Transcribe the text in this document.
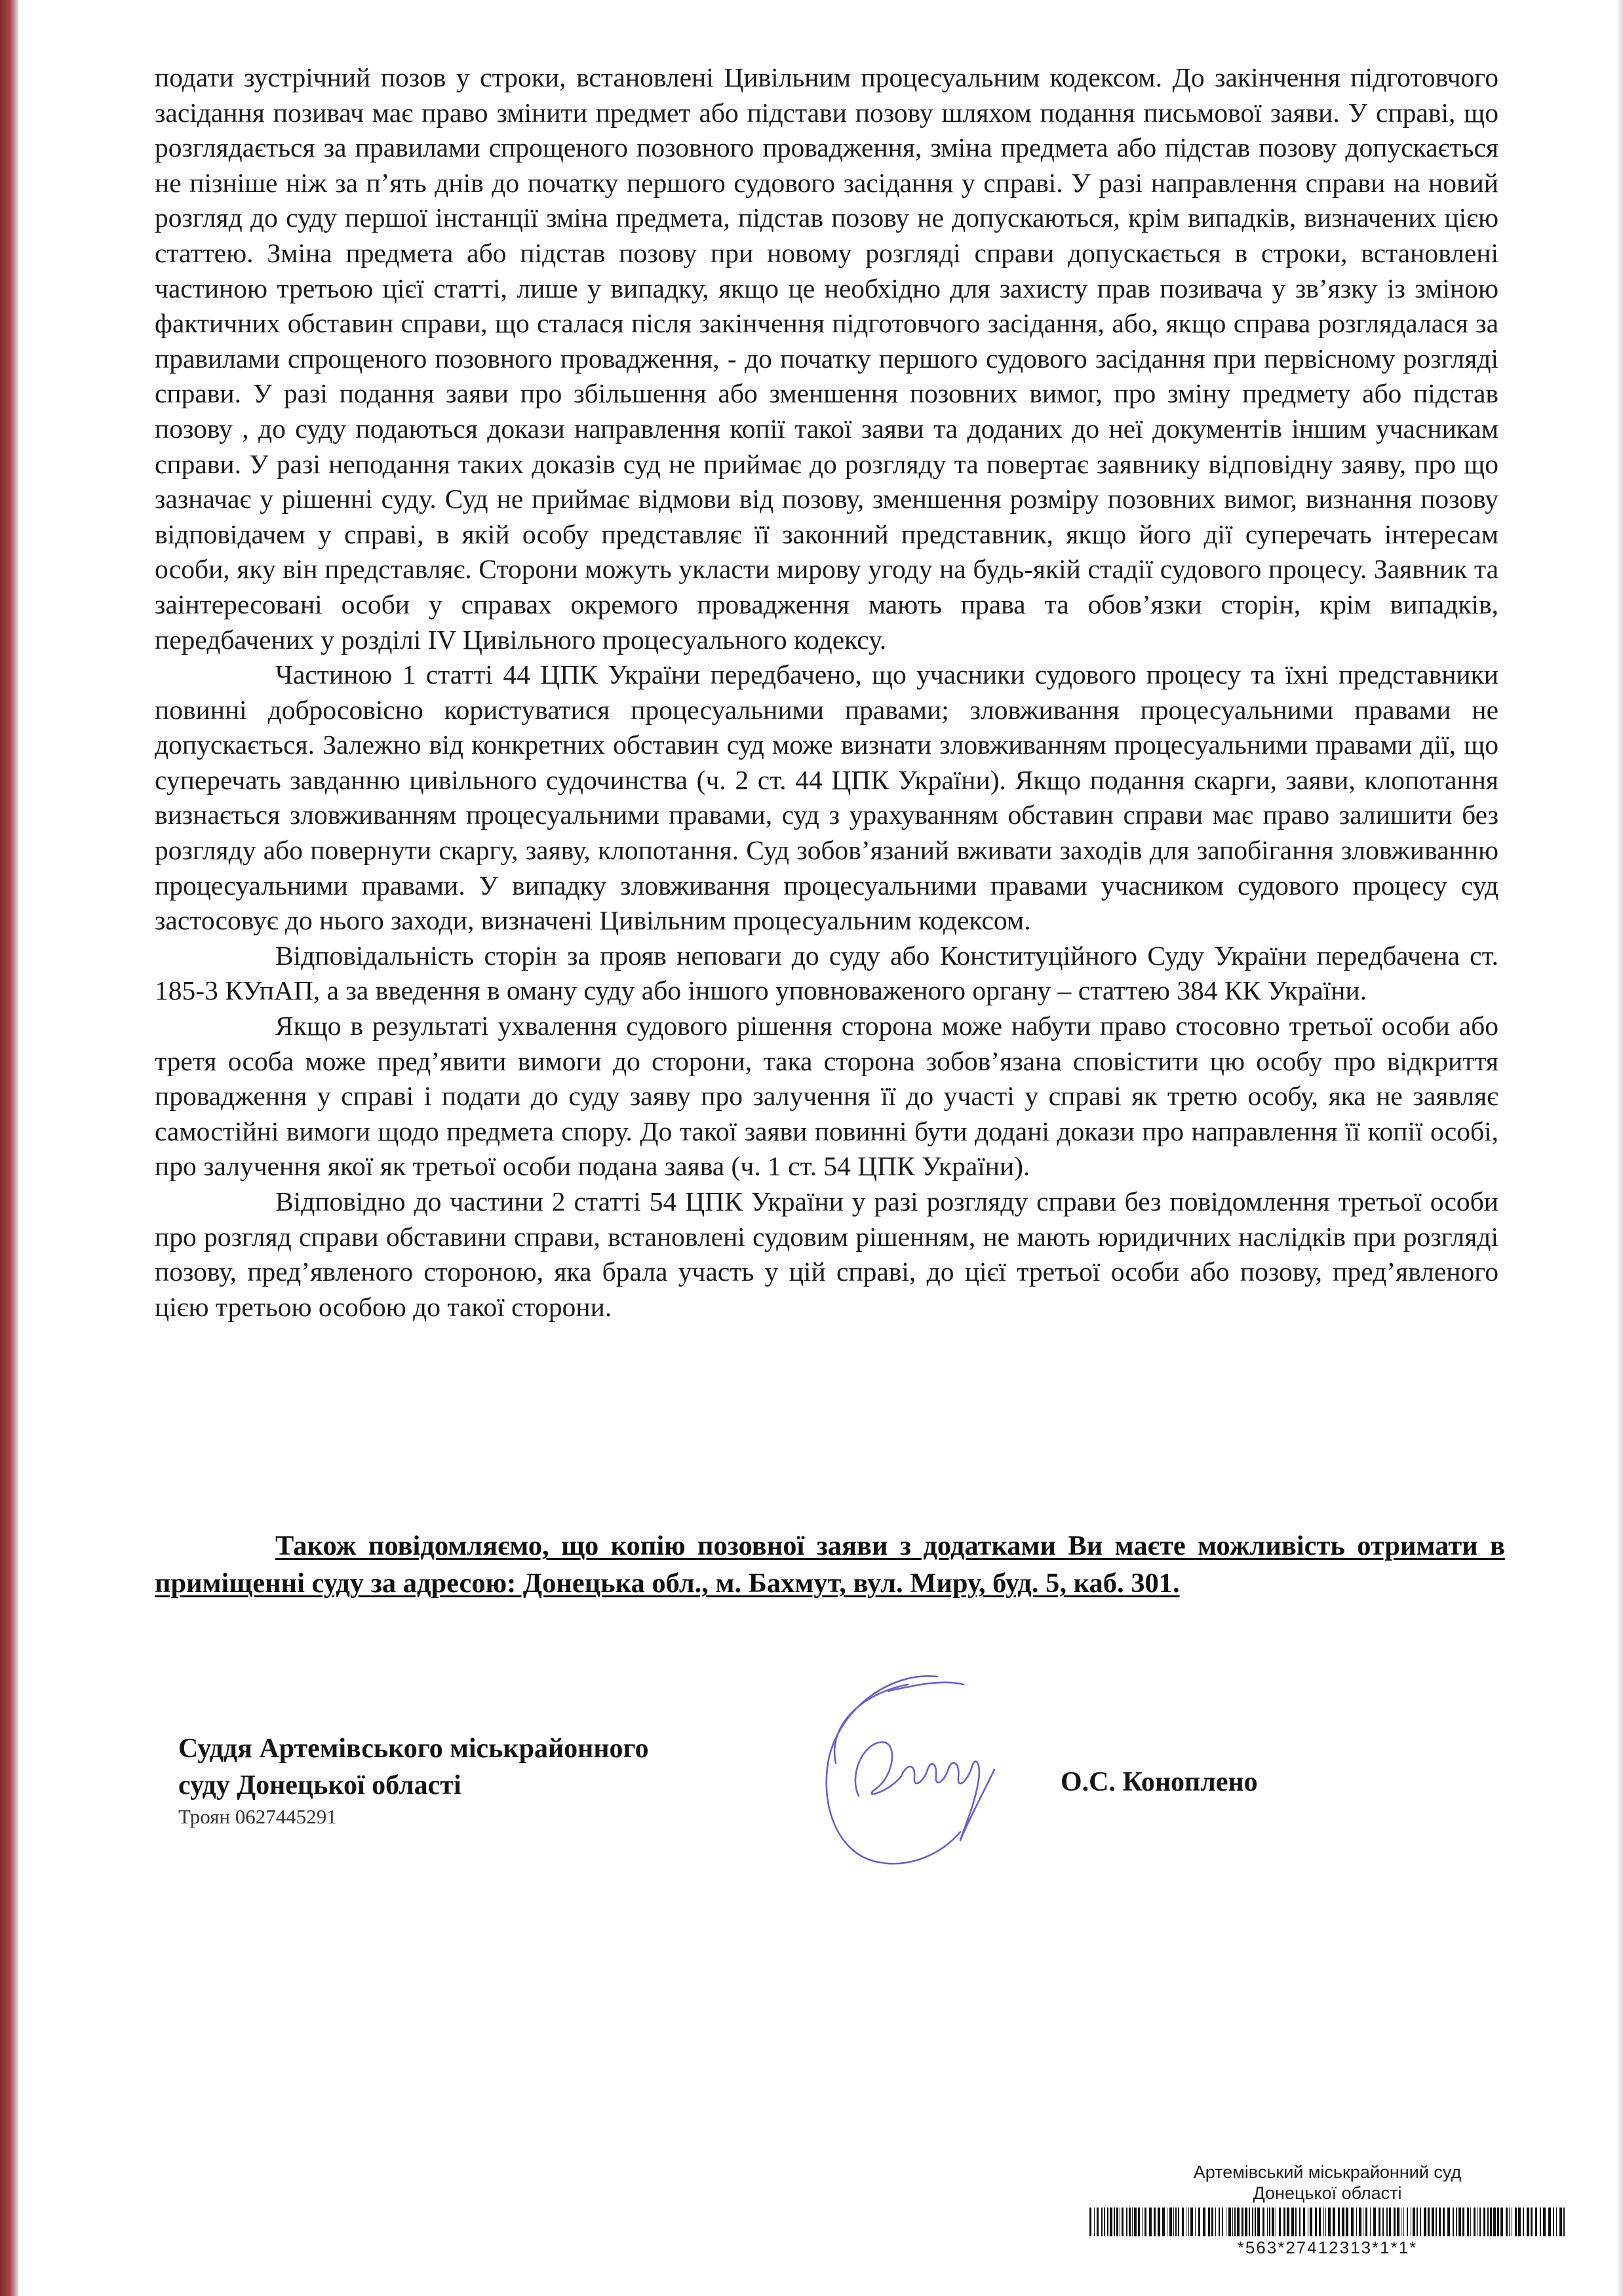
подати зустрічний позов у строки, встановлені Цивільним процесуальним кодексом. До закінчення підготовчого засідання позивач має право змінити предмет або підстави позову шляхом подання письмової заяви. У справі, що розглядається за правилами спрощеного позовного провадження, зміна предмета або підстав позову допускається не пізніше ніж за п’ять днів до початку першого судового засідання у справі. У разі направлення справи на новий розгляд до суду першої інстанції зміна предмета, підстав позову не допускаються, крім випадків, визначених цією статтею. Зміна предмета або підстав позову при новому розгляді справи допускається в строки, встановлені частиною третьою цієї статті, лише у випадку, якщо це необхідно для захисту прав позивача у зв’язку із зміною фактичних обставин справи, що сталася після закінчення підготовчого засідання, або, якщо справа розглядалася за правилами спрощеного позовного провадження, - до початку першого судового засідання при первісному розгляді справи. У разі подання заяви про збільшення або зменшення позовних вимог, про зміну предмету або підстав позову , до суду подаються докази направлення копії такої заяви та доданих до неї документів іншим учасникам справи. У разі неподання таких доказів суд не приймає до розгляду та повертає заявнику відповідну заяву, про що зазначає у рішенні суду. Суд не приймає відмови від позову, зменшення розміру позовних вимог, визнання позову відповідачем у справі, в якій особу представляє її законний представник, якщо його дії суперечать інтересам особи, яку він представляє. Сторони можуть укласти мирову угоду на будь-якій стадії судового процесу. Заявник та заінтересовані особи у справах окремого провадження мають права та обов’язки сторін, крім випадків, передбачених у розділі IV Цивільного процесуального кодексу.

Частиною 1 статті 44 ЦПК України передбачено, що учасники судового процесу та їхні представники повинні добросовісно користуватися процесуальними правами; зловживання процесуальними правами не допускається. Залежно від конкретних обставин суд може визнати зловживанням процесуальними правами дії, що суперечать завданню цивільного судочинства (ч. 2 ст. 44 ЦПК України). Якщо подання скарги, заяви, клопотання визнається зловживанням процесуальними правами, суд з урахуванням обставин справи має право залишити без розгляду або повернути скаргу, заяву, клопотання. Суд зобов’язаний вживати заходів для запобігання зловживанню процесуальними правами. У випадку зловживання процесуальними правами учасником судового процесу суд застосовує до нього заходи, визначені Цивільним процесуальним кодексом.

Відповідальність сторін за прояв неповаги до суду або Конституційного Суду України передбачена ст. 185-3 КУпАП, а за введення в оману суду або іншого уповноваженого органу – статтею 384 КК України.

Якщо в результаті ухвалення судового рішення сторона може набути право стосовно третьої особи або третя особа може пред’явити вимоги до сторони, така сторона зобов’язана сповістити цю особу про відкриття провадження у справі і подати до суду заяву про залучення її до участі у справі як третю особу, яка не заявляє самостійні вимоги щодо предмета спору. До такої заяви повинні бути додані докази про направлення її копії особі, про залучення якої як третьої особи подана заява (ч. 1 ст. 54 ЦПК України).

Відповідно до частини 2 статті 54 ЦПК України у разі розгляду справи без повідомлення третьої особи про розгляд справи обставини справи, встановлені судовим рішенням, не мають юридичних наслідків при розгляді позову, пред’явленого стороною, яка брала участь у цій справі, до цієї третьої особи або позову, пред’явленого цією третьою особою до такої сторони.

Також повідомляємо, що копію позовної заяви з додатками Ви маєте можливість отримати в приміщенні суду за адресою: Донецька обл., м. Бахмут, вул. Миру, буд. 5, каб. 301.

Суддя Артемівського міськрайонного

суду Донецької області

Троян 0627445291

О.С. Коноплено
Артемівський міськрайонний суд
Донецької області
*563*27412313*1*1*
